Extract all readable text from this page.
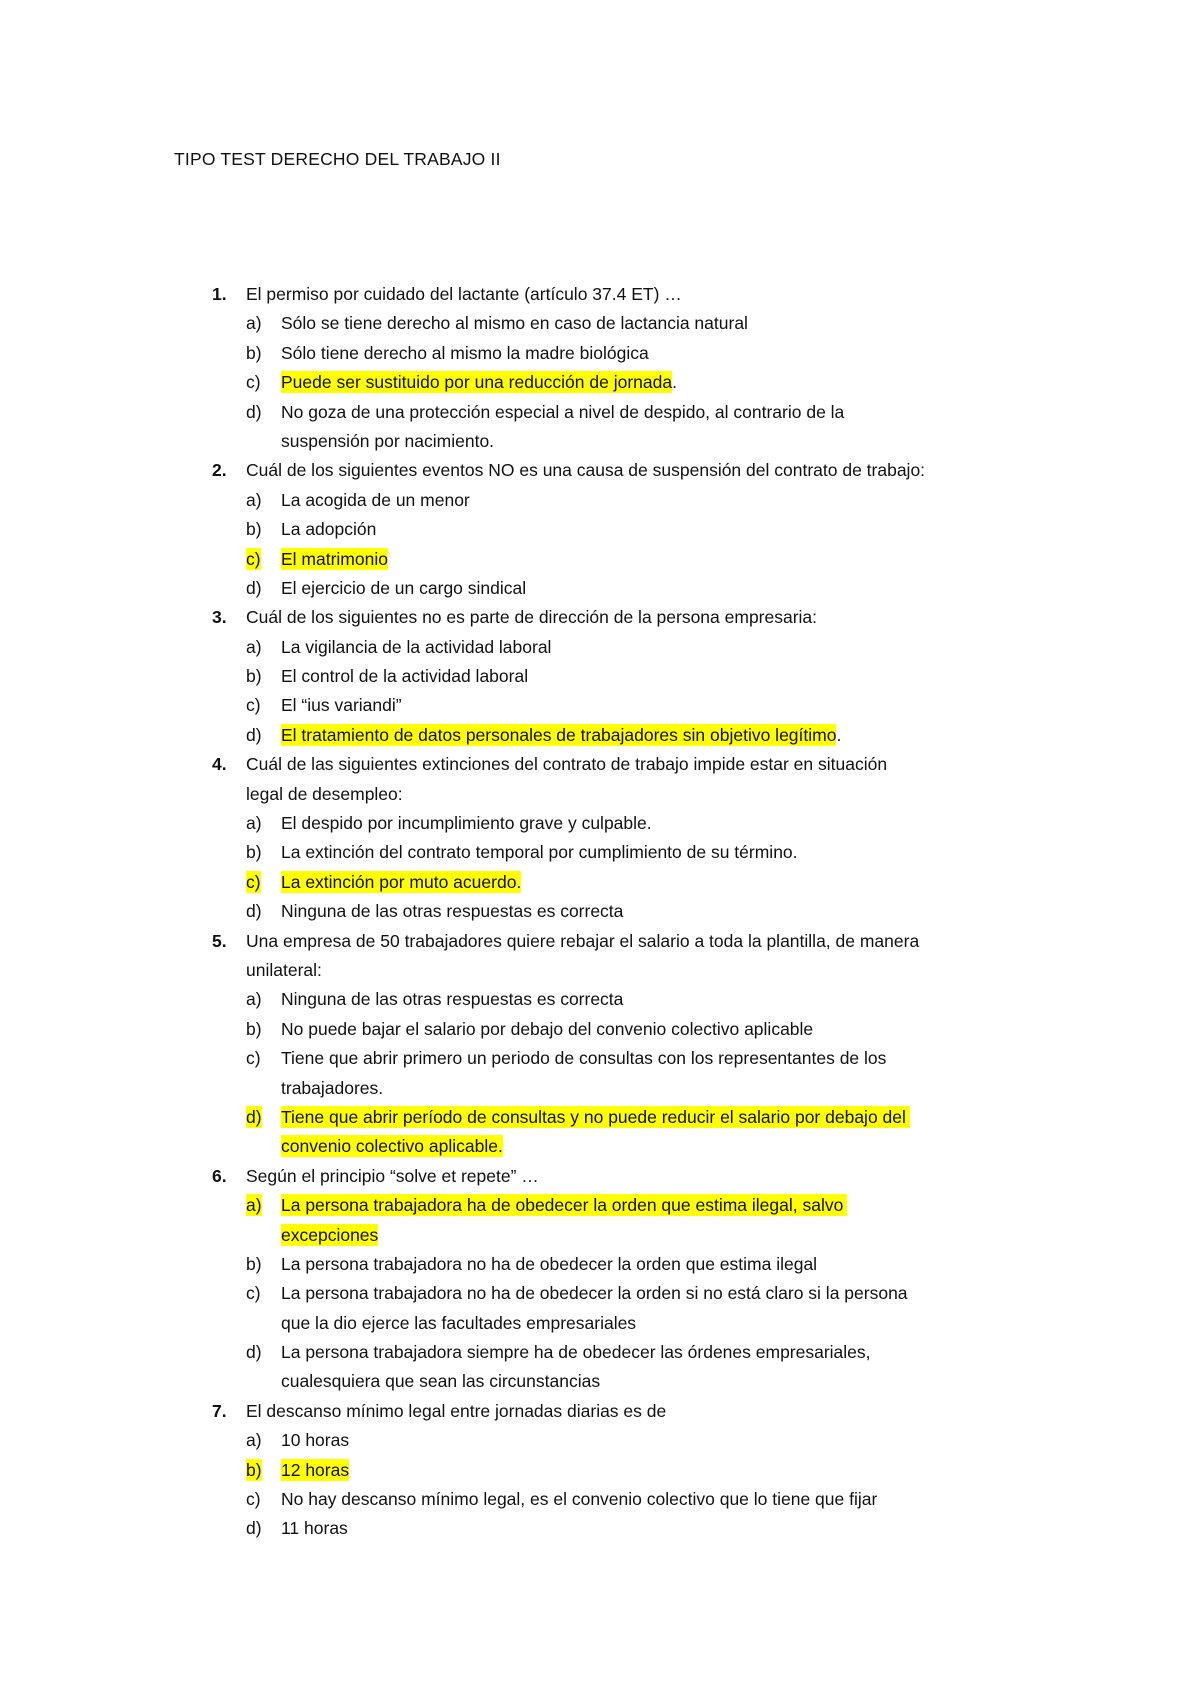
TIPO TEST DERECHO DEL TRABAJO II
1. El permiso por cuidado del lactante (artículo 37.4 ET) …
a) Sólo se tiene derecho al mismo en caso de lactancia natural
b) Sólo tiene derecho al mismo la madre biológica
c) Puede ser sustituido por una reducción de jornada.
d) No goza de una protección especial a nivel de despido, al contrario de la
suspensión por nacimiento.
2. Cuál de los siguientes eventos NO es una causa de suspensión del contrato de trabajo:
a) La acogida de un menor
b) La adopción
c) El matrimonio
d) El ejercicio de un cargo sindical
3. Cuál de los siguientes no es parte de dirección de la persona empresaria:
a) La vigilancia de la actividad laboral
b) El control de la actividad laboral
c) El “ius variandi”
d) El tratamiento de datos personales de trabajadores sin objetivo legítimo.
4. Cuál de las siguientes extinciones del contrato de trabajo impide estar en situación
legal de desempleo:
a) El despido por incumplimiento grave y culpable.
b) La extinción del contrato temporal por cumplimiento de su término.
c) La extinción por muto acuerdo.
d) Ninguna de las otras respuestas es correcta
5. Una empresa de 50 trabajadores quiere rebajar el salario a toda la plantilla, de manera
unilateral:
a) Ninguna de las otras respuestas es correcta
b) No puede bajar el salario por debajo del convenio colectivo aplicable
c) Tiene que abrir primero un periodo de consultas con los representantes de los
trabajadores.
d) Tiene que abrir período de consultas y no puede reducir el salario por debajo del
convenio colectivo aplicable.
6. Según el principio “solve et repete” …
a) La persona trabajadora ha de obedecer la orden que estima ilegal, salvo
excepciones
b) La persona trabajadora no ha de obedecer la orden que estima ilegal
c) La persona trabajadora no ha de obedecer la orden si no está claro si la persona
que la dio ejerce las facultades empresariales
d) La persona trabajadora siempre ha de obedecer las órdenes empresariales,
cualesquiera que sean las circunstancias
7. El descanso mínimo legal entre jornadas diarias es de
a) 10 horas
b) 12 horas
c) No hay descanso mínimo legal, es el convenio colectivo que lo tiene que fijar
d) 11 horas
